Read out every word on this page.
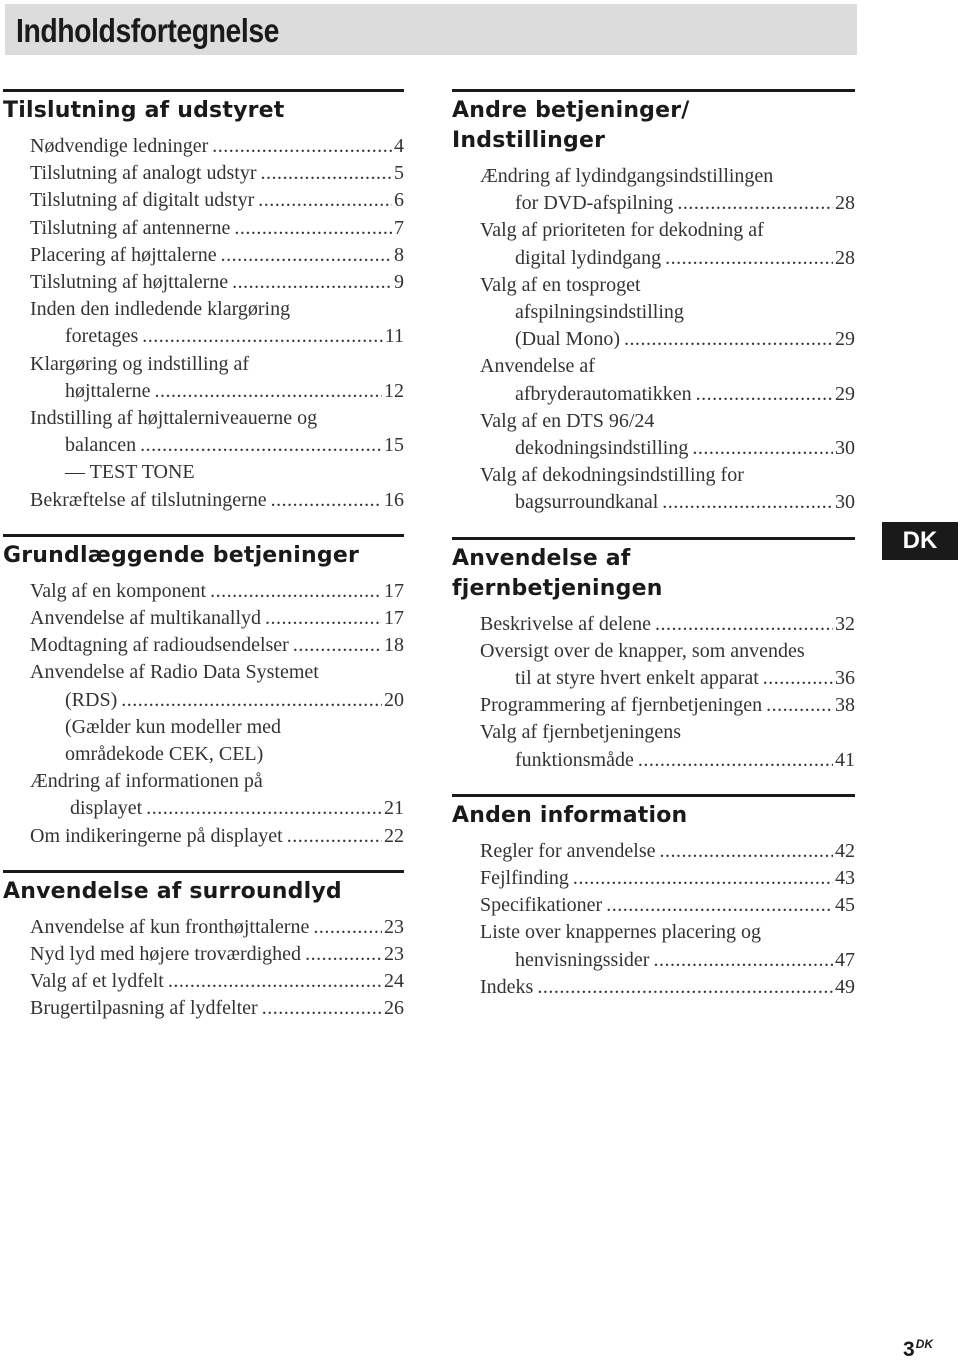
Indholdsfortegnelse
Tilslutning af udstyret
Nødvendige ledninger .....	4
Tilslutning af analogt udstyr .....	5
Tilslutning af digitalt udstyr .....	6
Tilslutning af antennerne .....	7
Placering af højttalerne .....	8
Tilslutning af højttalerne .....	9
Inden den indledende klargøring
foretages .....	11
Klargøring og indstilling af
højttalerne .....	12
Indstilling af højttalerniveauerne og
balancen .....	15
— TEST TONE
Bekræftelse af tilslutningerne .....	16
Grundlæggende betjeninger
Valg af en komponent .....	17
Anvendelse af multikanallyd .....	17
Modtagning af radioudsendelser .....	18
Anvendelse af Radio Data Systemet
(RDS) .....	20
(Gælder kun modeller med
områdekode CEK, CEL)
Ændring af informationen på
displayet .....	21
Om indikeringerne på displayet .....	22
Anvendelse af surroundlyd
Anvendelse af kun fronthøjttalerne .....	23
Nyd lyd med højere troværdighed .....	23
Valg af et lydfelt .....	24
Brugertilpasning af lydfelter .....	26
Andre betjeninger/
Indstillinger
Ændring af lydindgangsindstillingen
for DVD-afspilning .....	28
Valg af prioriteten for dekodning af
digital lydindgang .....	28
Valg af en tosproget
afspilningsindstilling
(Dual Mono) .....	29
Anvendelse af
afbryderautomatikken .....	29
Valg af en DTS 96/24
dekodningsindstilling .....	30
Valg af dekodningsindstilling for
bagsurroundkanal .....	30
Anvendelse af
fjernbetjeningen
Beskrivelse af delene .....	32
Oversigt over de knapper, som anvendes
til at styre hvert enkelt apparat .....	36
Programmering af fjernbetjeningen .....	38
Valg af fjernbetjeningens
funktionsmåde .....	41
Anden information
Regler for anvendelse .....	42
Fejlfinding .....	43
Specifikationer .....	45
Liste over knappernes placering og
henvisningssider .....	47
Indeks .....	49
DK
$3^{DK}$
